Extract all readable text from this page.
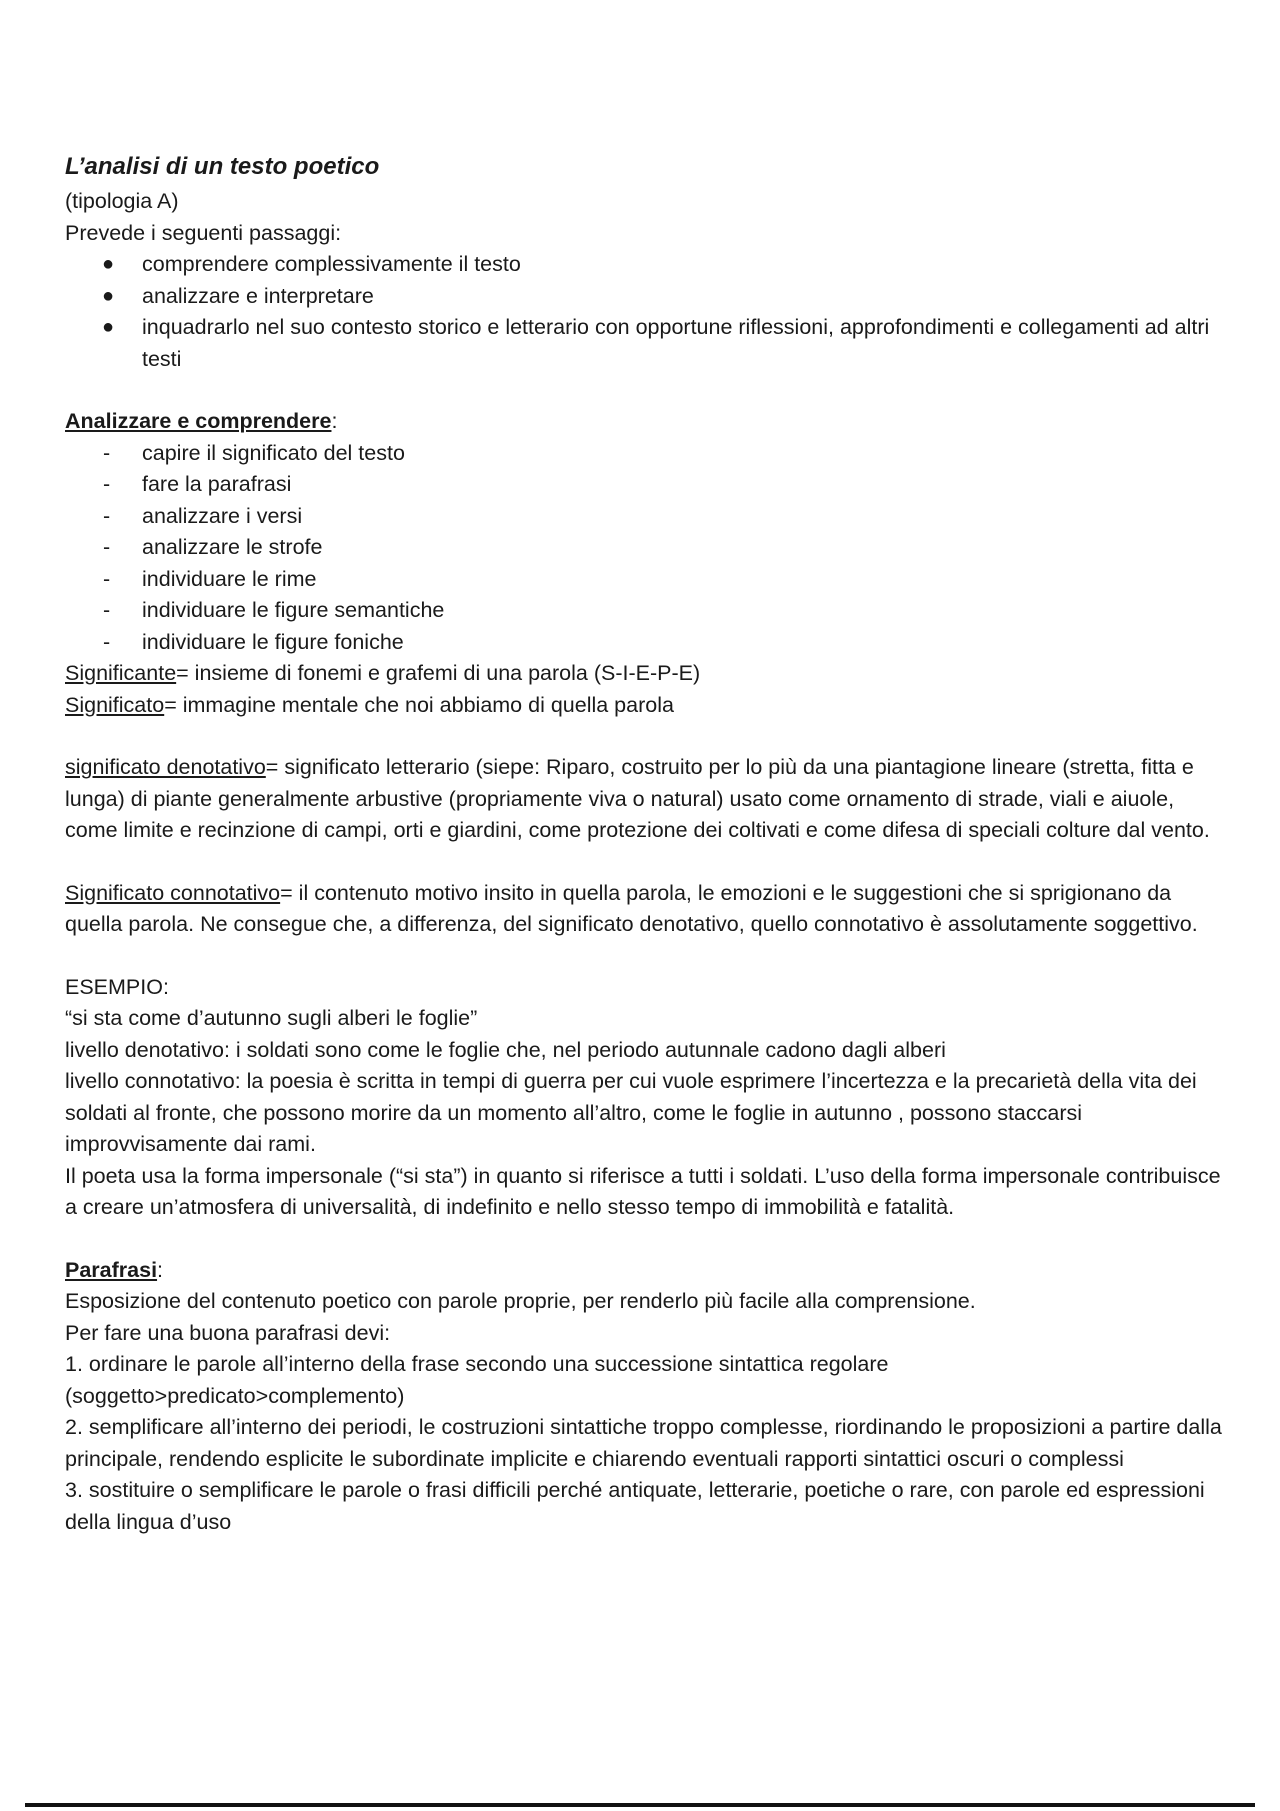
L’analisi di un testo poetico
(tipologia A)
Prevede i seguenti passaggi:
● comprendere complessivamente il testo
● analizzare e interpretare
● inquadrarlo nel suo contesto storico e letterario con opportune riflessioni, approfondimenti e collegamenti ad altri testi
Analizzare e comprendere:
- capire il significato del testo
- fare la parafrasi
- analizzare i versi
- analizzare le strofe
- individuare le rime
- individuare le figure semantiche
- individuare le figure foniche
Significante= insieme di fonemi e grafemi di una parola (S-I-E-P-E)
Significato= immagine mentale che noi abbiamo di quella parola

significato denotativo= significato letterario (siepe: Riparo, costruito per lo più da una piantagione lineare (stretta, fitta e lunga) di piante generalmente arbustive (propriamente viva o natural) usato come ornamento di strade, viali e aiuole, come limite e recinzione di campi, orti e giardini, come protezione dei coltivati e come difesa di speciali colture dal vento.

Significato connotativo= il contenuto motivo insito in quella parola, le emozioni e le suggestioni che si sprigionano da quella parola. Ne consegue che, a differenza, del significato denotativo, quello connotativo è assolutamente soggettivo.

ESEMPIO:
“si sta come d’autunno sugli alberi le foglie”
livello denotativo: i soldati sono come le foglie che, nel periodo autunnale cadono dagli alberi

livello connotativo: la poesia è scritta in tempi di guerra per cui vuole esprimere l’incertezza e la precarietà della vita dei soldati al fronte, che possono morire da un momento all’altro, come le foglie in autunno , possono staccarsi improvvisamente dai rami.

Il poeta usa la forma impersonale (“si sta”) in quanto si riferisce a tutti i soldati. L’uso della forma impersonale contribuisce a creare un’atmosfera di universalità, di indefinito e nello stesso tempo di immobilità e fatalità.

Parafrasi:
Esposizione del contenuto poetico con parole proprie, per renderlo più facile alla comprensione.
Per fare una buona parafrasi devi:

1. ordinare le parole all’interno della frase secondo una successione sintattica regolare (soggetto>predicato>complemento)

2. semplificare all’interno dei periodi, le costruzioni sintattiche troppo complesse, riordinando le proposizioni a partire dalla principale, rendendo esplicite le subordinate implicite e chiarendo eventuali rapporti sintattici oscuri o complessi

3. sostituire o semplificare le parole o frasi difficili perché antiquate, letterarie, poetiche o rare, con parole ed espressioni della lingua d’uso
